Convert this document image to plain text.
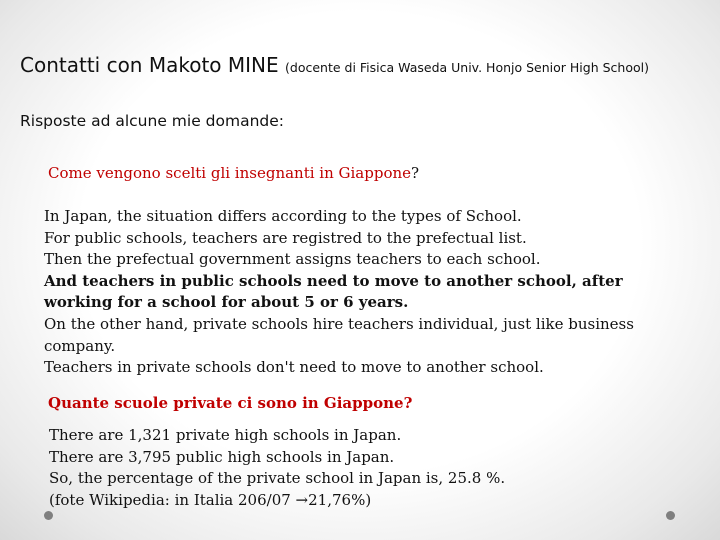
Contatti con Makoto MINE (docente di Fisica Waseda Univ. Honjo Senior High School)
Risposte ad alcune mie domande:
Come vengono scelti gli insegnanti in Giappone?
In Japan, the situation differs according to the types of School.
For public schools, teachers are registred to the prefectual list.
Then the prefectual government assigns teachers to each school.
And teachers in public schools need to move to another school, after
working for a school for about 5 or 6 years.
On the other hand, private schools hire teachers individual, just like business
company.
Teachers in private schools don't need to move to another school.
Quante scuole private ci sono in Giappone?
There are 1,321 private high schools in Japan.
There are 3,795 public high schools in Japan.
So, the percentage of the private school in Japan is, 25.8 %.
(fote Wikipedia: in Italia 206/07 →21,76%)
